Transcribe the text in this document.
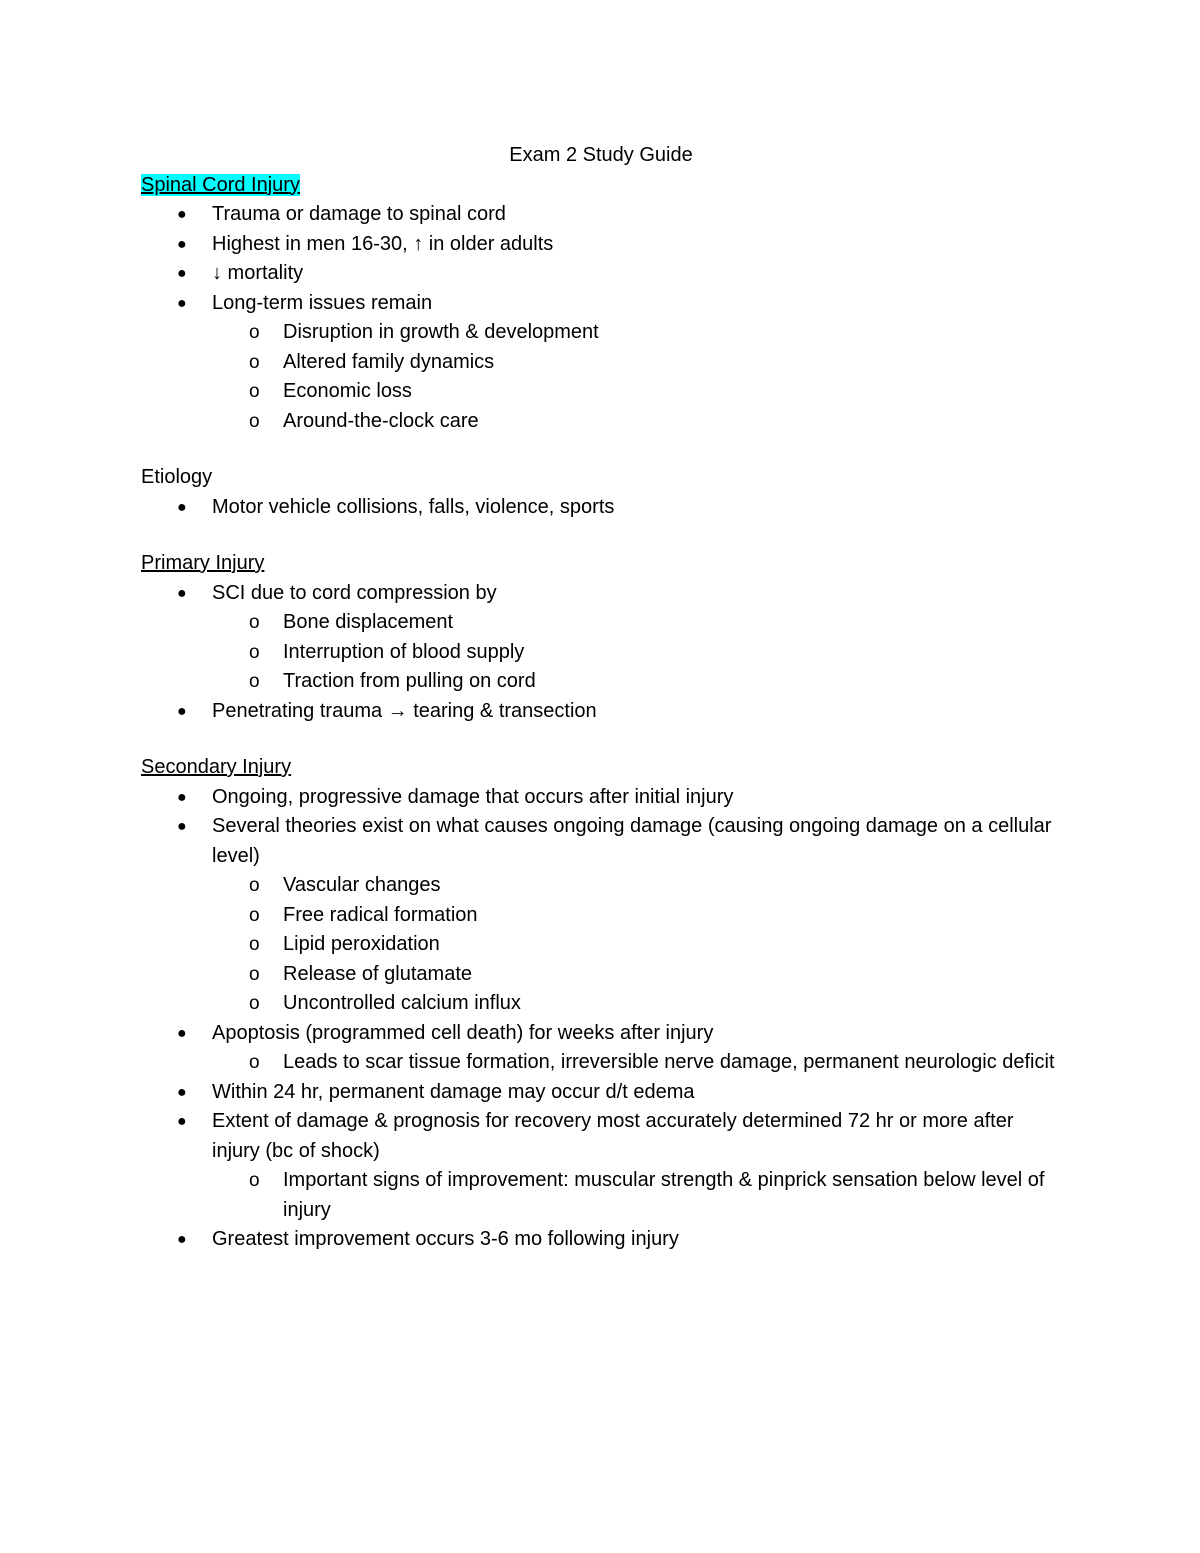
Exam 2 Study Guide

Spinal Cord Injury

● Trauma or damage to spinal cord
● Highest in men 16-30, ↑ in older adults
● ↓ mortality
● Long-term issues remain
o Disruption in growth & development
o Altered family dynamics
o Economic loss
o Around-the-clock care

Etiology

● Motor vehicle collisions, falls, violence, sports

Primary Injury

● SCI due to cord compression by
o Bone displacement
o Interruption of blood supply
o Traction from pulling on cord
● Penetrating trauma → tearing & transection

Secondary Injury

● Ongoing, progressive damage that occurs after initial injury
● Several theories exist on what causes ongoing damage (causing ongoing damage on a cellular level)
o Vascular changes
o Free radical formation
o Lipid peroxidation
o Release of glutamate
o Uncontrolled calcium influx
● Apoptosis (programmed cell death) for weeks after injury
o Leads to scar tissue formation, irreversible nerve damage, permanent neurologic deficit
● Within 24 hr, permanent damage may occur d/t edema
● Extent of damage & prognosis for recovery most accurately determined 72 hr or more after injury (bc of shock)
o Important signs of improvement: muscular strength & pinprick sensation below level of injury
● Greatest improvement occurs 3-6 mo following injury
